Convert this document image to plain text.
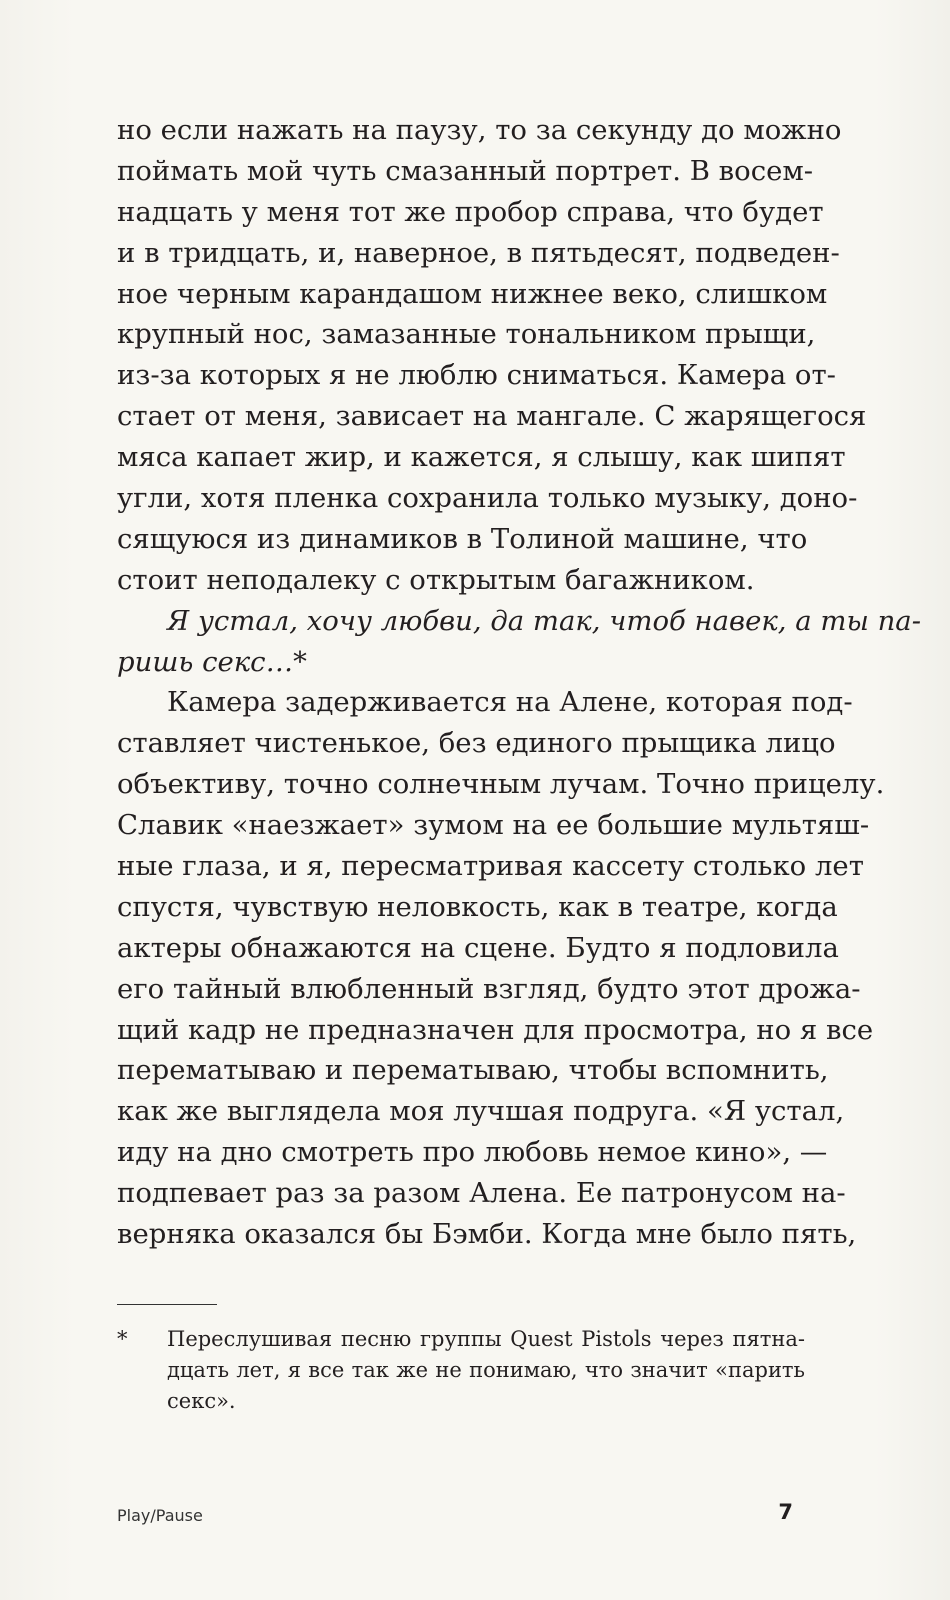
но если нажать на паузу, то за секунду до можно
поймать мой чуть смазанный портрет. В восем-
надцать у меня тот же пробор справа, что будет
и в тридцать, и, наверное, в пятьдесят, подведен-
ное черным карандашом нижнее веко, слишком
крупный нос, замазанные тональником прыщи,
из-за которых я не люблю сниматься. Камера от-
стает от меня, зависает на мангале. С жарящегося
мяса капает жир, и кажется, я слышу, как шипят
угли, хотя пленка сохранила только музыку, доно-
сящуюся из динамиков в Толиной машине, что
стоит неподалеку с открытым багажником.
Я устал, хочу любви, да так, чтоб навек, а ты па-
ришь секс…*
Камера задерживается на Алене, которая под-
ставляет чистенькое, без единого прыщика лицо
объективу, точно солнечным лучам. Точно прицелу.
Славик «наезжает» зумом на ее большие мультяш-
ные глаза, и я, пересматривая кассету столько лет
спустя, чувствую неловкость, как в театре, когда
актеры обнажаются на сцене. Будто я подловила
его тайный влюбленный взгляд, будто этот дрожа-
щий кадр не предназначен для просмотра, но я все
перематываю и перематываю, чтобы вспомнить,
как же выглядела моя лучшая подруга. «Я устал,
иду на дно смотреть про любовь немое кино», —
подпевает раз за разом Алена. Ее патронусом на-
верняка оказался бы Бэмби. Когда мне было пять,
* Переслушивая песню группы Quest Pistols через пятна-
дцать лет, я все так же не понимаю, что значит «парить
секс».
Play/Pause	7
